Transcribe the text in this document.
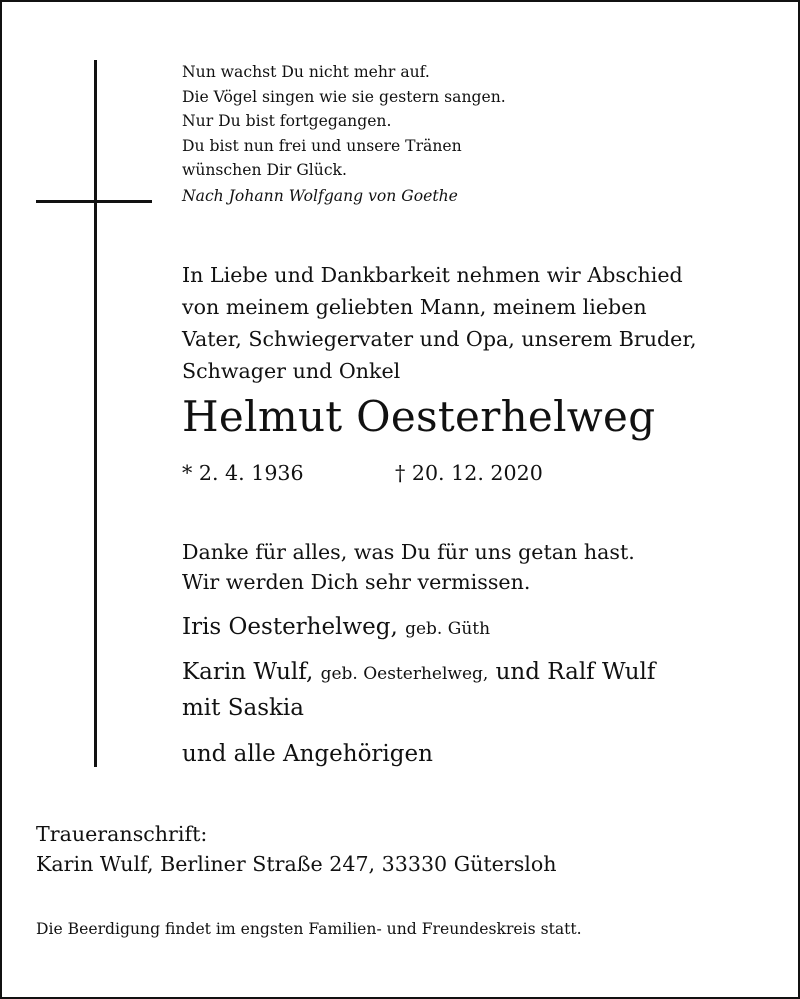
Nun wachst Du nicht mehr auf.
Die Vögel singen wie sie gestern sangen.
Nur Du bist fortgegangen.
Du bist nun frei und unsere Tränen
wünschen Dir Glück.
Nach Johann Wolfgang von Goethe
In Liebe und Dankbarkeit nehmen wir Abschied
von meinem geliebten Mann, meinem lieben
Vater, Schwiegervater und Opa, unserem Bruder,
Schwager und Onkel
Helmut Oesterhelweg
* 2. 4. 1936	† 20. 12. 2020
Danke für alles, was Du für uns getan hast.
Wir werden Dich sehr vermissen.
Iris Oesterhelweg, geb. Güth
Karin Wulf, geb. Oesterhelweg, und Ralf Wulf
mit Saskia
und alle Angehörigen
Traueranschrift:
Karin Wulf, Berliner Straße 247, 33330 Gütersloh
Die Beerdigung findet im engsten Familien- und Freundeskreis statt.
